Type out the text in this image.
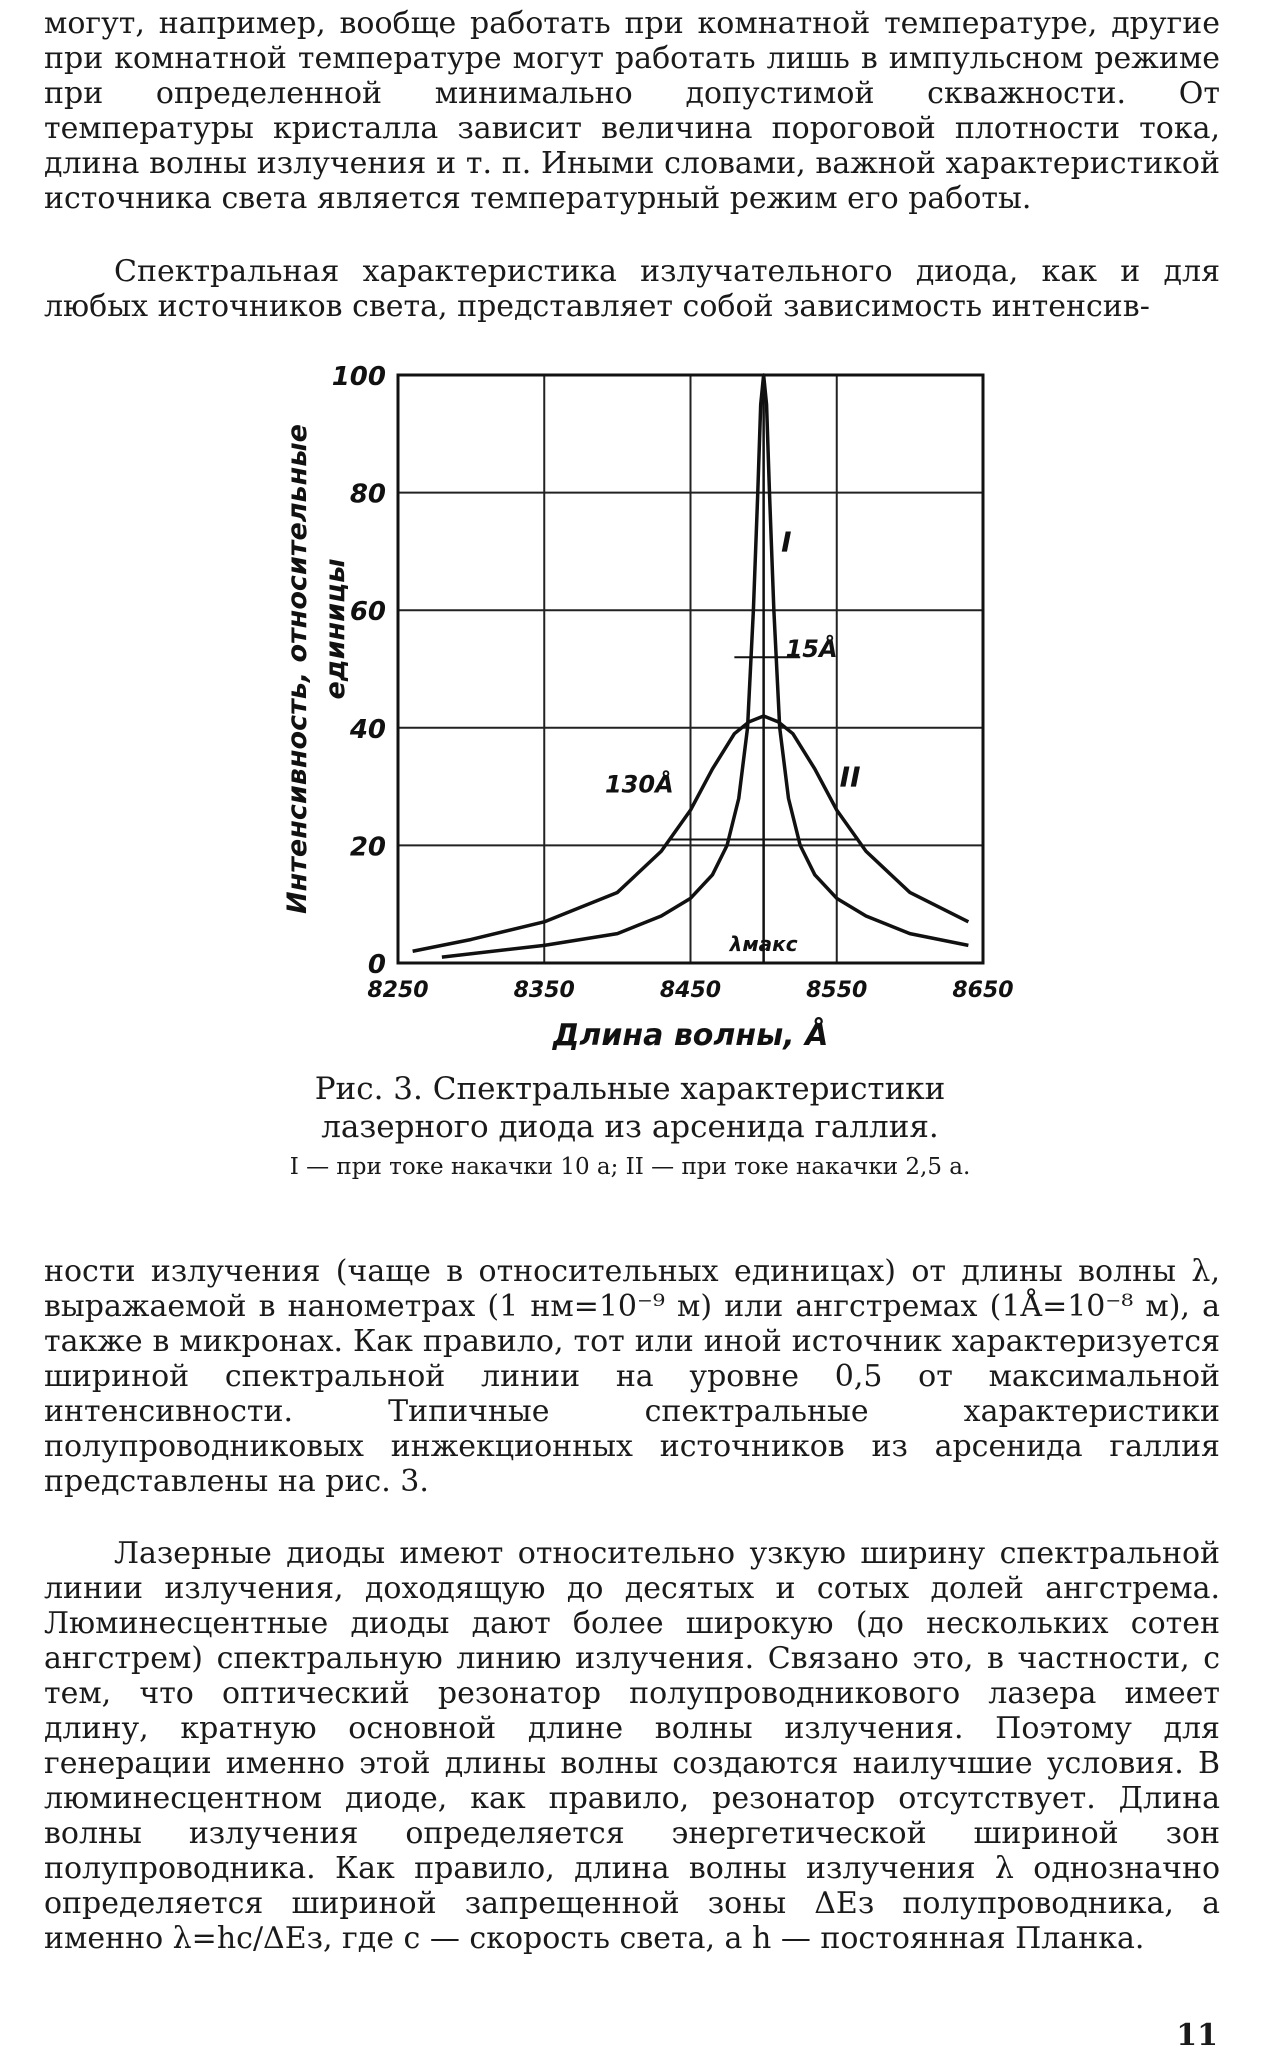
могут, например, вообще работать при комнатной температуре, другие при комнатной температуре могут работать лишь в импульсном режиме при определенной минимально допустимой скважности. От температуры кристалла зависит величина пороговой плотности тока, длина волны излучения и т. п. Иными словами, важной характеристикой источника света является температурный режим его работы.

Спектральная характеристика излучательного диода, как и для любых источников света, представляет собой зависимость интенсив-

0
20
40
60
80
100
8250	8350	8450	8550	8650
I
II
15Å
130Å
λмакс
Длина волны, Å
Интенсивность, относительные единицы

Рис. 3. Спектральные характеристики лазерного диода из арсенида галлия.

I — при токе накачки 10 а; II — при токе накачки 2,5 а.

ности излучения (чаще в относительных единицах) от длины волны λ, выражаемой в нанометрах (1 нм=10⁻⁹ м) или ангстремах (1Å=10⁻⁸ м), а также в микронах. Как правило, тот или иной источник характеризуется шириной спектральной линии на уровне 0,5 от максимальной интенсивности. Типичные спектральные характеристики полупроводниковых инжекционных источников из арсенида галлия представлены на рис. 3.

Лазерные диоды имеют относительно узкую ширину спектральной линии излучения, доходящую до десятых и сотых долей ангстрема. Люминесцентные диоды дают более широкую (до нескольких сотен ангстрем) спектральную линию излучения. Связано это, в частности, с тем, что оптический резонатор полупроводникового лазера имеет длину, кратную основной длине волны излучения. Поэтому для генерации именно этой длины волны создаются наилучшие условия. В люминесцентном диоде, как правило, резонатор отсутствует. Длина волны излучения определяется энергетической шириной зон полупроводника. Как правило, длина волны излучения λ однозначно определяется шириной запрещенной зоны ΔEз полупроводника, а именно λ=hc/ΔEз, где c — скорость света, а h — постоянная Планка.

11
